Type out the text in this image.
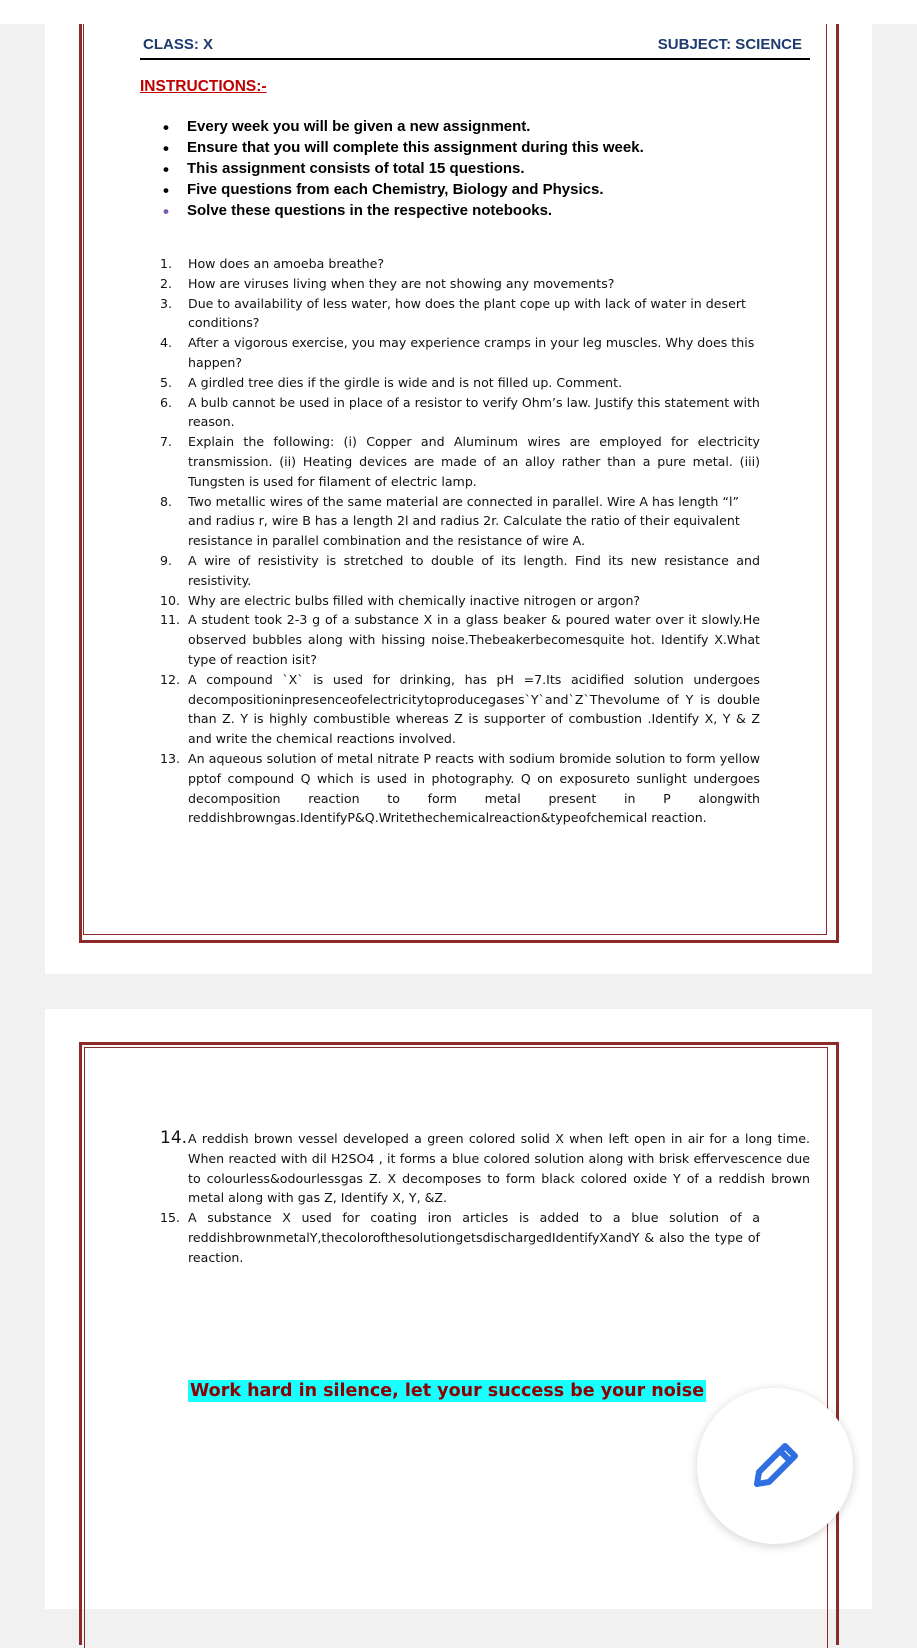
CLASS: X	SUBJECT: SCIENCE
INSTRUCTIONS:-
• Every week you will be given a new assignment.
• Ensure that you will complete this assignment during this week.
• This assignment consists of total 15 questions.
• Five questions from each Chemistry, Biology and Physics.
• Solve these questions in the respective notebooks.
1. How does an amoeba breathe?
2. How are viruses living when they are not showing any movements?
3. Due to availability of less water, how does the plant cope up with lack of water in desert conditions?
4. After a vigorous exercise, you may experience cramps in your leg muscles. Why does this happen?
5. A girdled tree dies if the girdle is wide and is not filled up. Comment.
6. A bulb cannot be used in place of a resistor to verify Ohm’s law. Justify this statement with reason.
7. Explain the following: (i) Copper and Aluminum wires are employed for electricity transmission. (ii) Heating devices are made of an alloy rather than a pure metal. (iii) Tungsten is used for filament of electric lamp.
8. Two metallic wires of the same material are connected in parallel. Wire A has length “l” and radius r, wire B has a length 2l and radius 2r. Calculate the ratio of their equivalent resistance in parallel combination and the resistance of wire A.
9. A wire of resistivity is stretched to double of its length. Find its new resistance and resistivity.
10. Why are electric bulbs filled with chemically inactive nitrogen or argon?
11. A student took 2-3 g of a substance X in a glass beaker & poured water over it slowly.He observed bubbles along with hissing noise.Thebeakerbecomesquite hot. Identify X.What type of reaction isit?
12. A compound `X` is used for drinking, has pH =7.Its acidified solution undergoes decompositioninpresenceofelectricitytoproducegases`Y`and`Z`Thevolume of Y is double than Z. Y is highly combustible whereas Z is supporter of combustion .Identify X, Y & Z and write the chemical reactions involved.
13. An aqueous solution of metal nitrate P reacts with sodium bromide solution to form yellow pptof compound Q which is used in photography. Q on exposureto sunlight undergoes decomposition reaction to form metal present in P alongwith reddishbrowngas.IdentifyP&Q.Writethechemicalreaction&typeofchemical reaction.
14. A reddish brown vessel developed a green colored solid X when left open in air for a long time. When reacted with dil H2SO4 , it forms a blue colored solution along with brisk effervescence due to colourless&odourlessgas Z. X decomposes to form black colored oxide Y of a reddish brown metal along with gas Z, Identify X, Y, &Z.
15. A substance X used for coating iron articles is added to a blue solution of a reddishbrownmetalY,thecolorofthesolutiongetsdischargedIdentifyXandY & also the type of reaction.
Work hard in silence, let your success be your noise
